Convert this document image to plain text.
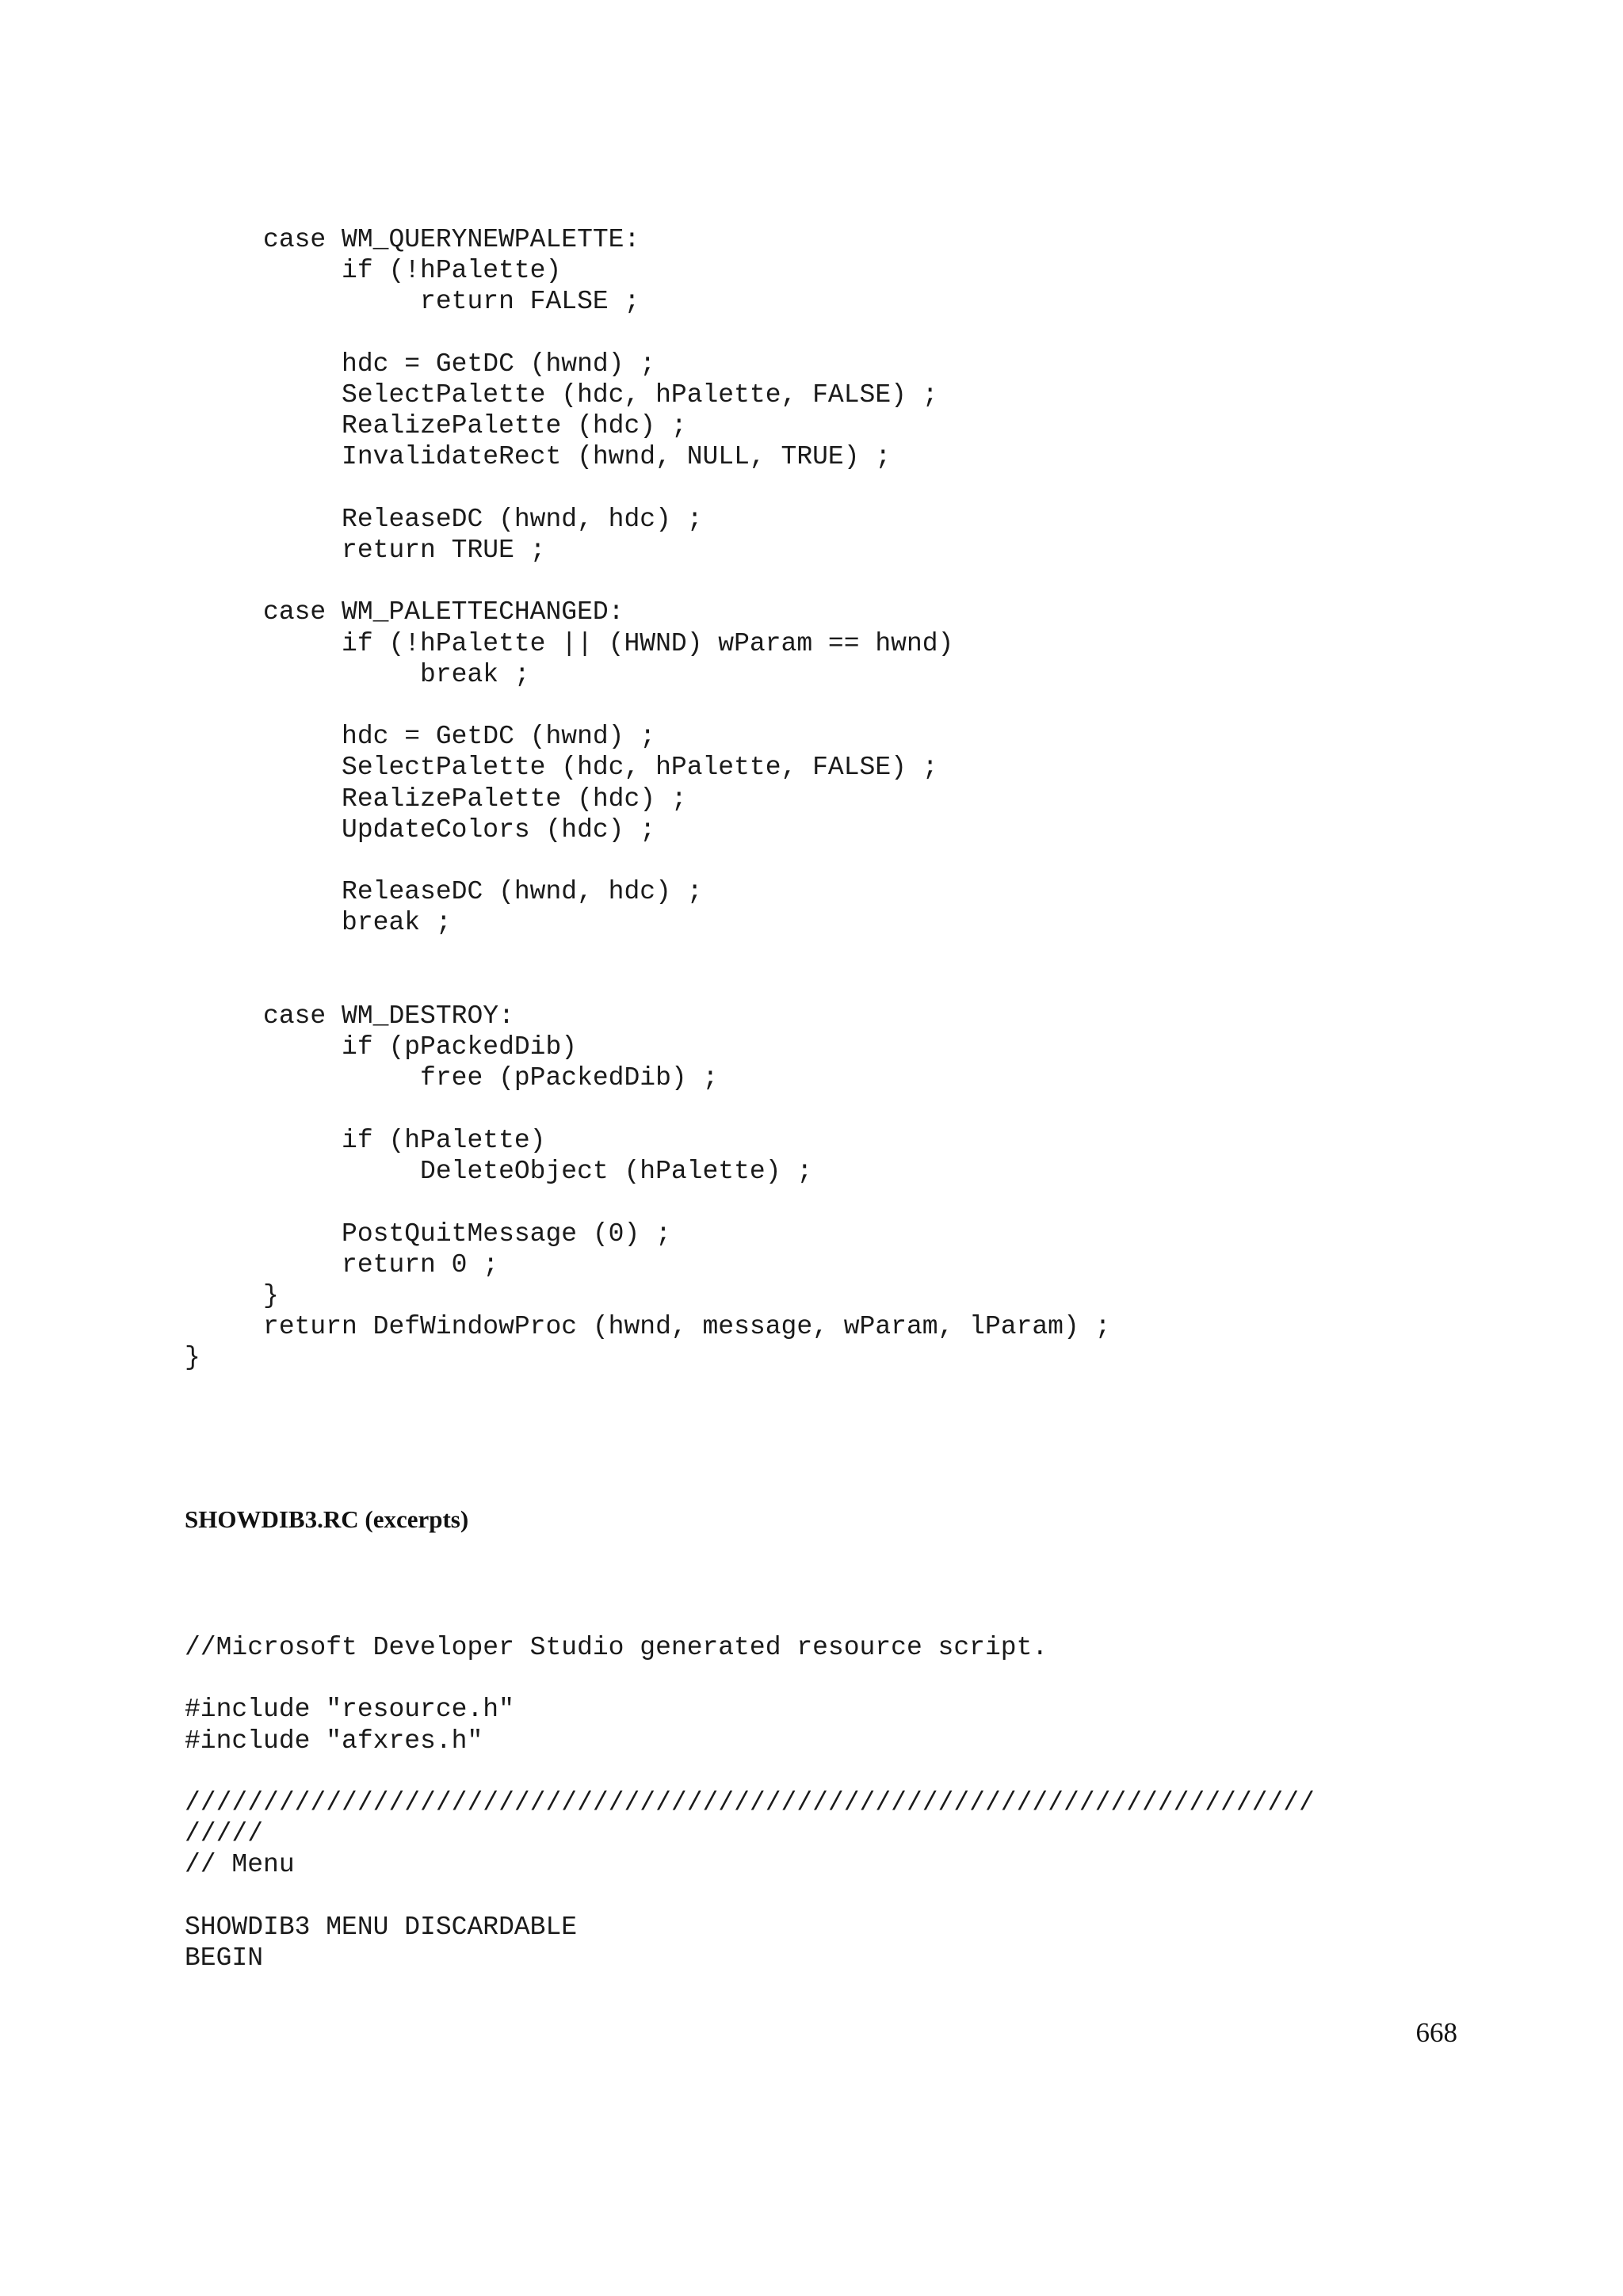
case WM_QUERYNEWPALETTE:
if (!hPalette)
return FALSE ;

hdc = GetDC (hwnd) ;
SelectPalette (hdc, hPalette, FALSE) ;
RealizePalette (hdc) ;
InvalidateRect (hwnd, NULL, TRUE) ;

ReleaseDC (hwnd, hdc) ;
return TRUE ;

case WM_PALETTECHANGED:
if (!hPalette || (HWND) wParam == hwnd)
break ;

hdc = GetDC (hwnd) ;
SelectPalette (hdc, hPalette, FALSE) ;
RealizePalette (hdc) ;
UpdateColors (hdc) ;

ReleaseDC (hwnd, hdc) ;
break ;

case WM_DESTROY:
if (pPackedDib)
free (pPackedDib) ;

if (hPalette)
DeleteObject (hPalette) ;

PostQuitMessage (0) ;
return 0 ;
}
return DefWindowProc (hwnd, message, wParam, lParam) ;
}

SHOWDIB3.RC (excerpts)

//Microsoft Developer Studio generated resource script.

#include "resource.h"
#include "afxres.h"

////////////////////////////////////////////////////////////////////////
/////
// Menu

SHOWDIB3 MENU DISCARDABLE
BEGIN

668
